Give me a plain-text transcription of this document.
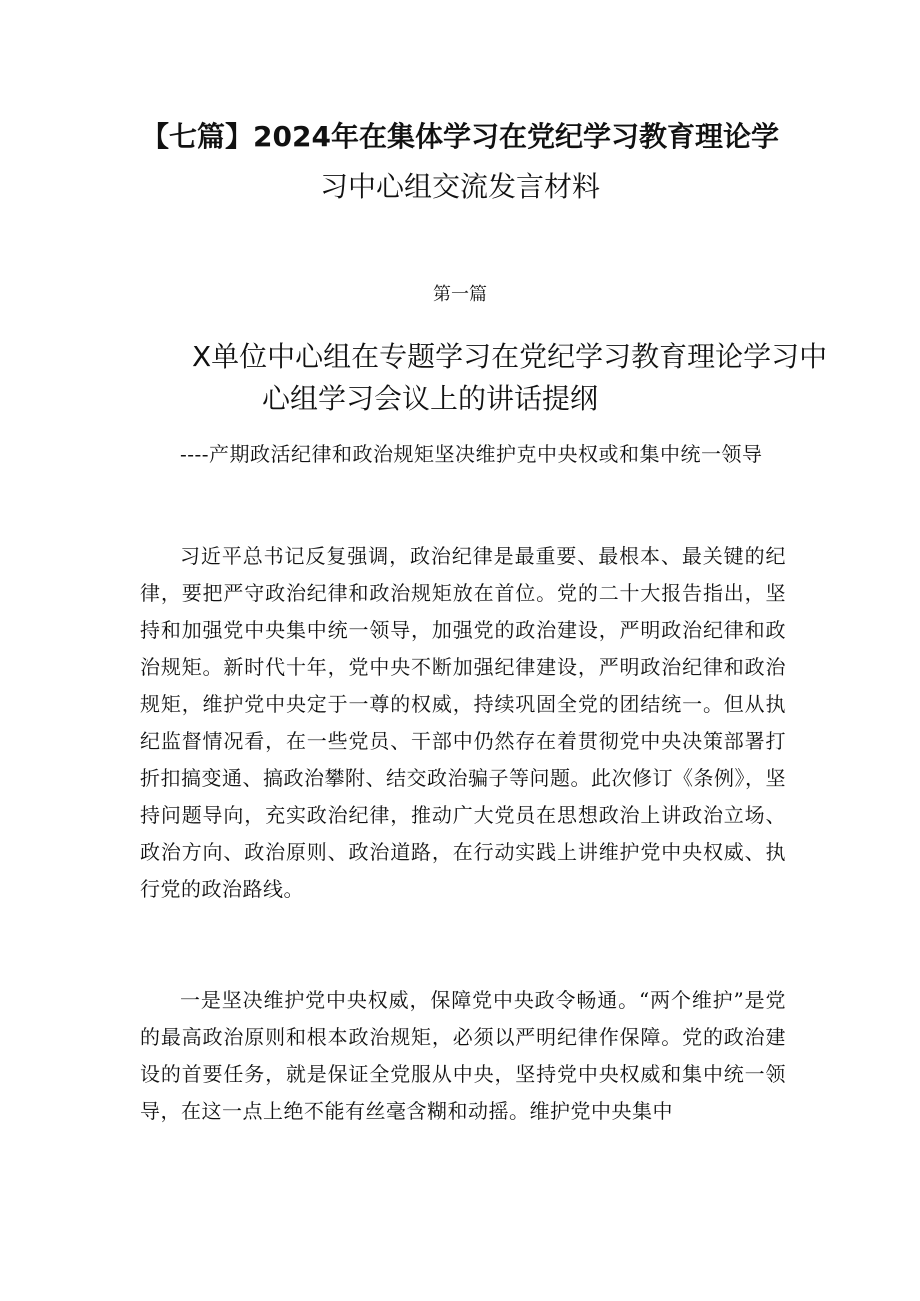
【七篇】2024年在集体学习在党纪学习教育理论学
习中心组交流发言材料
第一篇
X单位中心组在专题学习在党纪学习教育理论学习中
心组学习会议上的讲话提纲

----产期政活纪律和政治规矩坚决维护克中央权或和集中统一领导

习近平总书记反复强调，政治纪律是最重要、最根本、最关键的纪律，要把严守政治纪律和政治规矩放在首位。党的二十大报告指出，坚持和加强党中央集中统一领导，加强党的政治建设，严明政治纪律和政治规矩。新时代十年，党中央不断加强纪律建设，严明政治纪律和政治规矩，维护党中央定于一尊的权威，持续巩固全党的团结统一。但从执纪监督情况看，在一些党员、干部中仍然存在着贯彻党中央决策部署打折扣搞变通、搞政治攀附、结交政治骗子等问题。此次修订《条例》，坚持问题导向，充实政治纪律，推动广大党员在思想政治上讲政治立场、政治方向、政治原则、政治道路，在行动实践上讲维护党中央权威、执行党的政治路线。

一是坚决维护党中央权威，保障党中央政令畅通。“两个维护”是党的最高政治原则和根本政治规矩，必须以严明纪律作保障。党的政治建设的首要任务，就是保证全党服从中央，坚持党中央权威和集中统一领导，在这一点上绝不能有丝毫含糊和动摇。维护党中央集中
